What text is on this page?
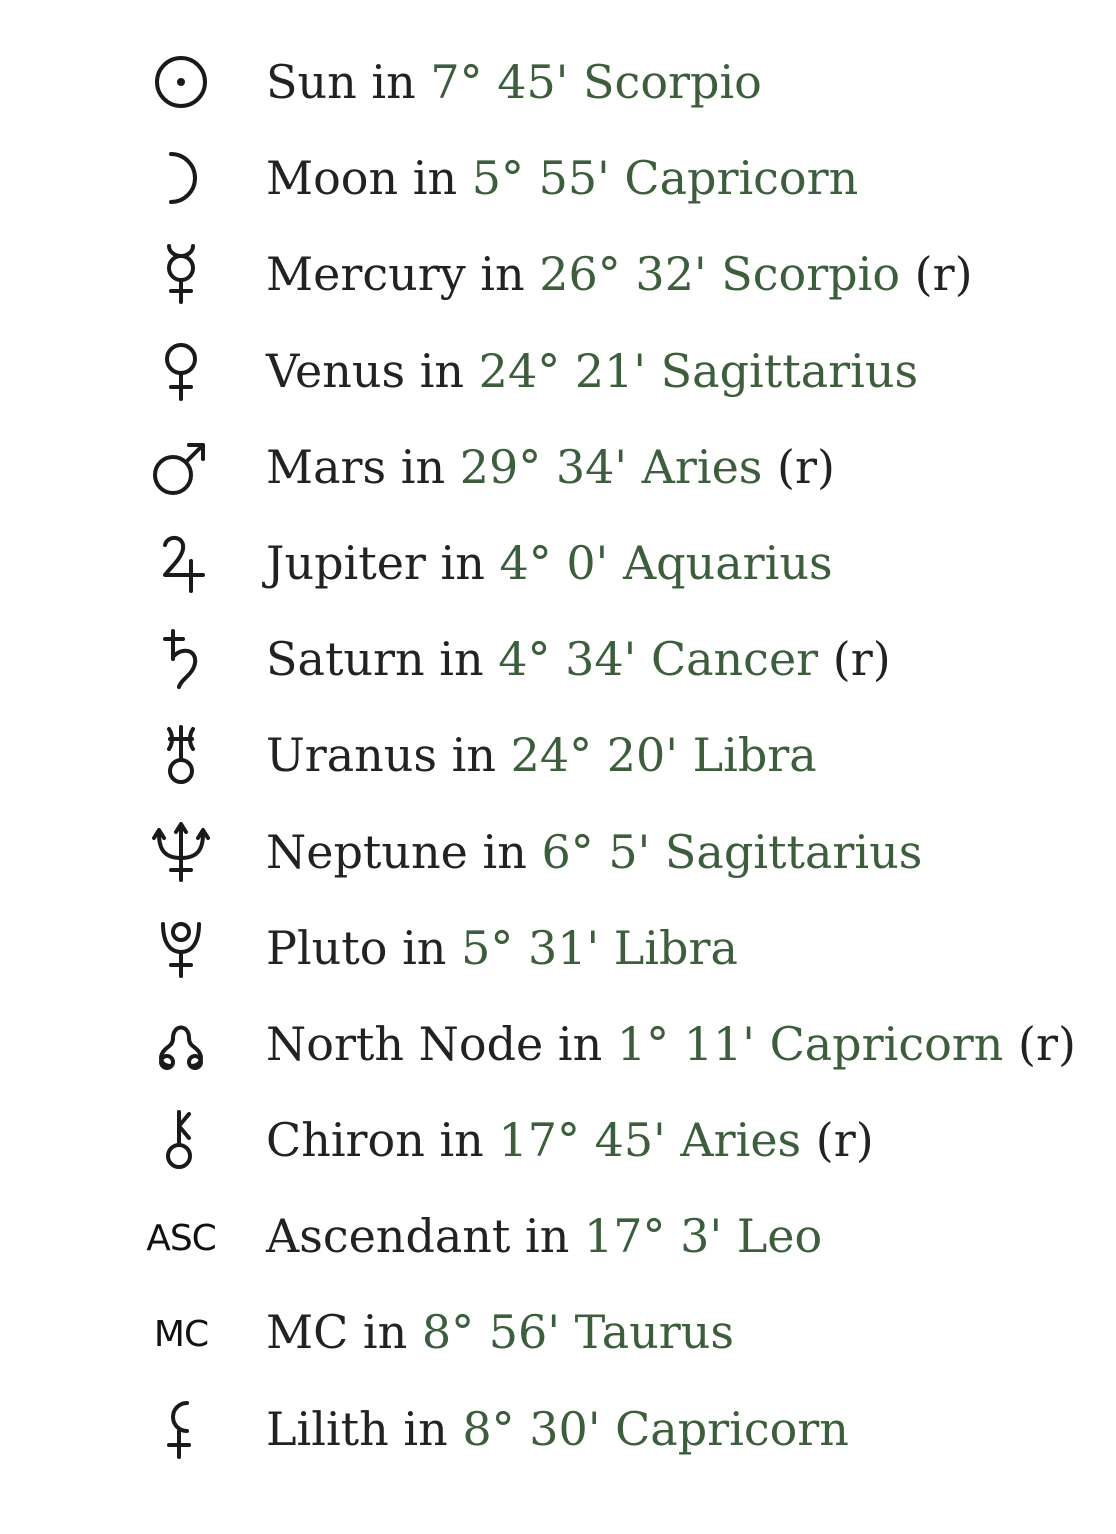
Sun in 7° 45' Scorpio
Moon in 5° 55' Capricorn
Mercury in 26° 32' Scorpio (r)
Venus in 24° 21' Sagittarius
Mars in 29° 34' Aries (r)
Jupiter in 4° 0' Aquarius
Saturn in 4° 34' Cancer (r)
Uranus in 24° 20' Libra
Neptune in 6° 5' Sagittarius
Pluto in 5° 31' Libra
North Node in 1° 11' Capricorn (r)
Chiron in 17° 45' Aries (r)
ASC Ascendant in 17° 3' Leo
MC MC in 8° 56' Taurus
Lilith in 8° 30' Capricorn
